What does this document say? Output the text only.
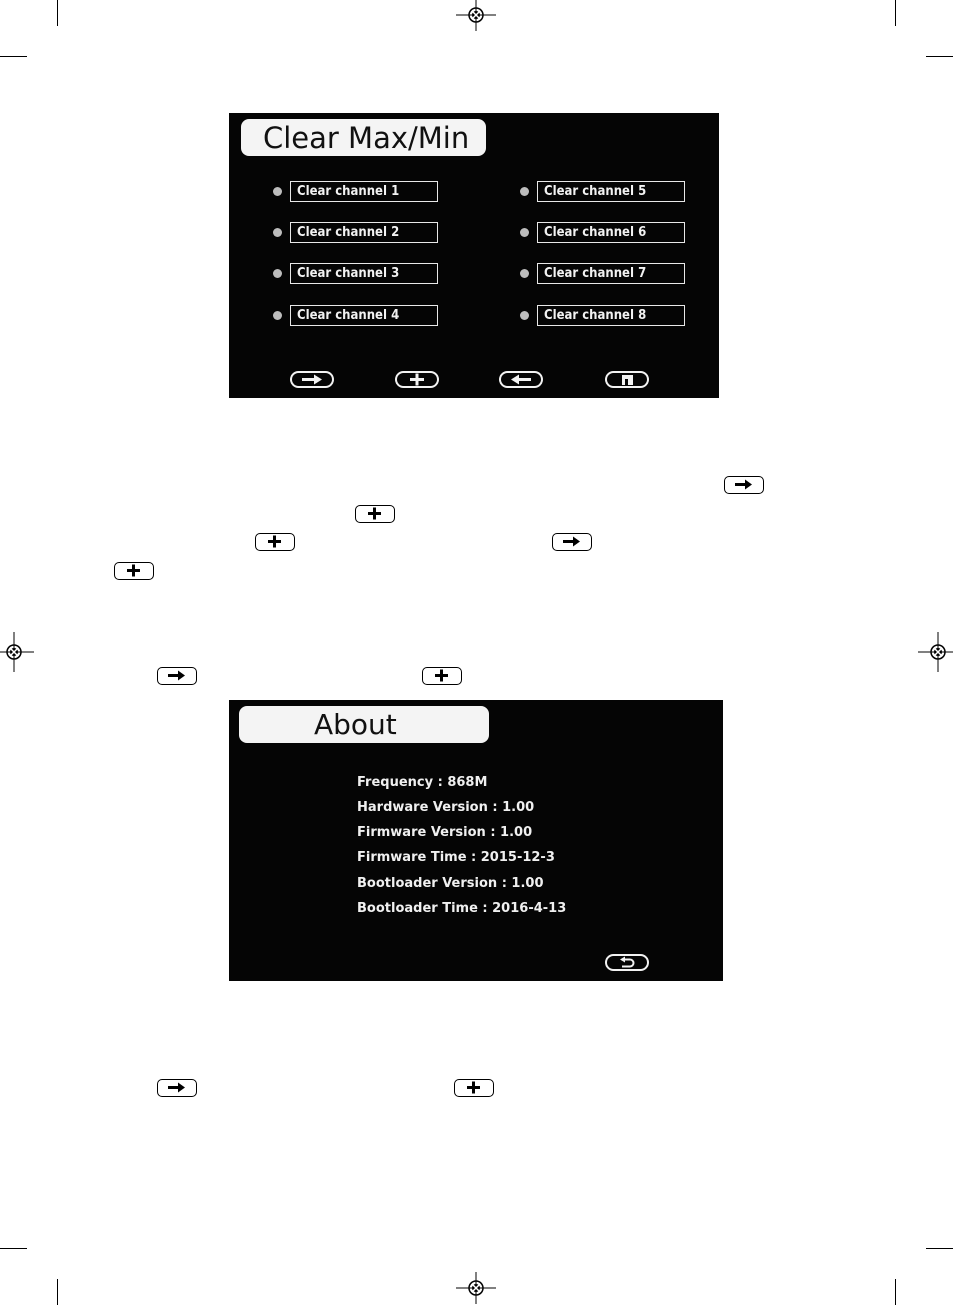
Clear Max/Min
Clear channel 1
Clear channel 2
Clear channel 3
Clear channel 4
Clear channel 5
Clear channel 6
Clear channel 7
Clear channel 8
About
Frequency : 868M
Hardware Version : 1.00
Firmware Version : 1.00
Firmware Time : 2015-12-3
Bootloader Version : 1.00
Bootloader Time : 2016-4-13
